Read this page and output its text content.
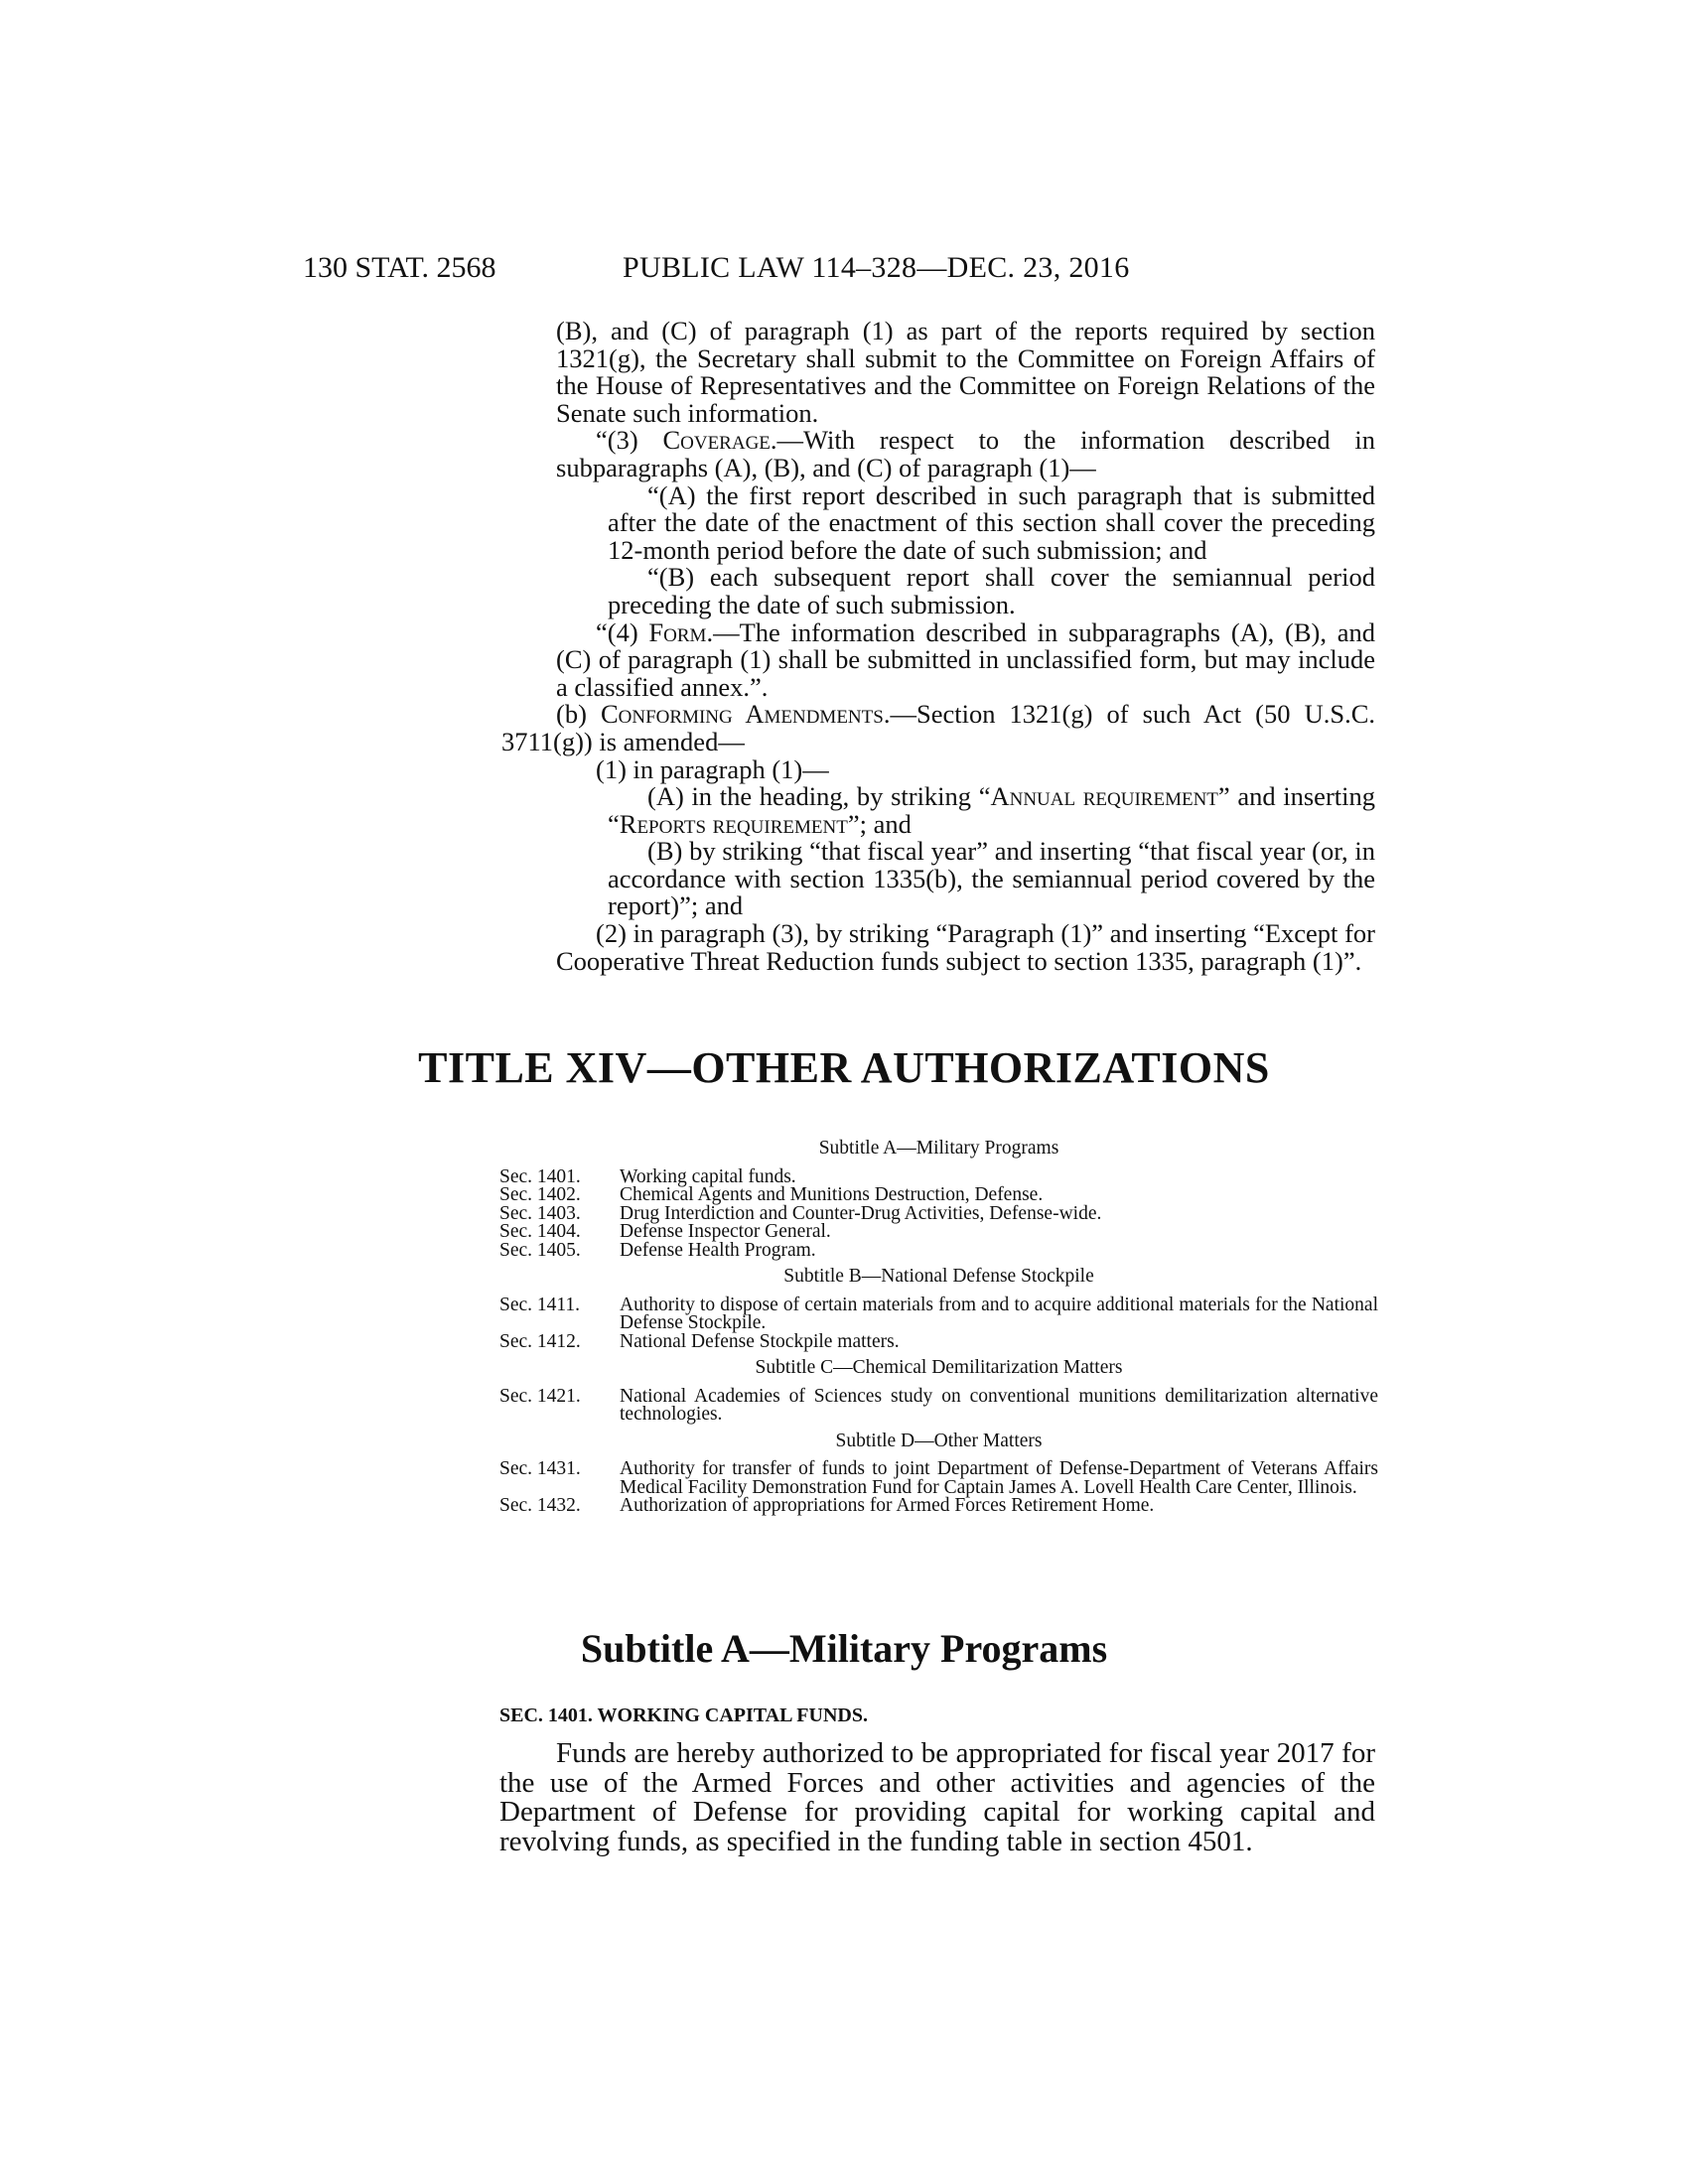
130 STAT. 2568	PUBLIC LAW 114–328—DEC. 23, 2016

(B), and (C) of paragraph (1) as part of the reports required by section 1321(g), the Secretary shall submit to the Committee on Foreign Affairs of the House of Representatives and the Committee on Foreign Relations of the Senate such information.

“(3) Coverage.—With respect to the information described in subparagraphs (A), (B), and (C) of paragraph (1)—

“(A) the first report described in such paragraph that is submitted after the date of the enactment of this section shall cover the preceding 12-month period before the date of such submission; and

“(B) each subsequent report shall cover the semiannual period preceding the date of such submission.

“(4) Form.—The information described in subparagraphs (A), (B), and (C) of paragraph (1) shall be submitted in unclassified form, but may include a classified annex.”.

(b) Conforming Amendments.—Section 1321(g) of such Act (50 U.S.C. 3711(g)) is amended—

(1) in paragraph (1)—

(A) in the heading, by striking “Annual requirement” and inserting “Reports requirement”; and

(B) by striking “that fiscal year” and inserting “that fiscal year (or, in accordance with section 1335(b), the semiannual period covered by the report)”; and

(2) in paragraph (3), by striking “Paragraph (1)” and inserting “Except for Cooperative Threat Reduction funds subject to section 1335, paragraph (1)”.

TITLE XIV—OTHER AUTHORIZATIONS
Subtitle A—Military Programs
Sec. 1401.	Working capital funds.
Sec. 1402.	Chemical Agents and Munitions Destruction, Defense.
Sec. 1403.	Drug Interdiction and Counter-Drug Activities, Defense-wide.
Sec. 1404.	Defense Inspector General.
Sec. 1405.	Defense Health Program.
Subtitle B—National Defense Stockpile
Sec. 1411.	Authority to dispose of certain materials from and to acquire additional materials for the National Defense Stockpile.
Sec. 1412.	National Defense Stockpile matters.
Subtitle C—Chemical Demilitarization Matters
Sec. 1421.	National Academies of Sciences study on conventional munitions demilitarization alternative technologies.
Subtitle D—Other Matters
Sec. 1431.	Authority for transfer of funds to joint Department of Defense-Department of Veterans Affairs Medical Facility Demonstration Fund for Captain James A. Lovell Health Care Center, Illinois.
Sec. 1432.	Authorization of appropriations for Armed Forces Retirement Home.
Subtitle A—Military Programs
SEC. 1401. WORKING CAPITAL FUNDS.

Funds are hereby authorized to be appropriated for fiscal year 2017 for the use of the Armed Forces and other activities and agencies of the Department of Defense for providing capital for working capital and revolving funds, as specified in the funding table in section 4501.
